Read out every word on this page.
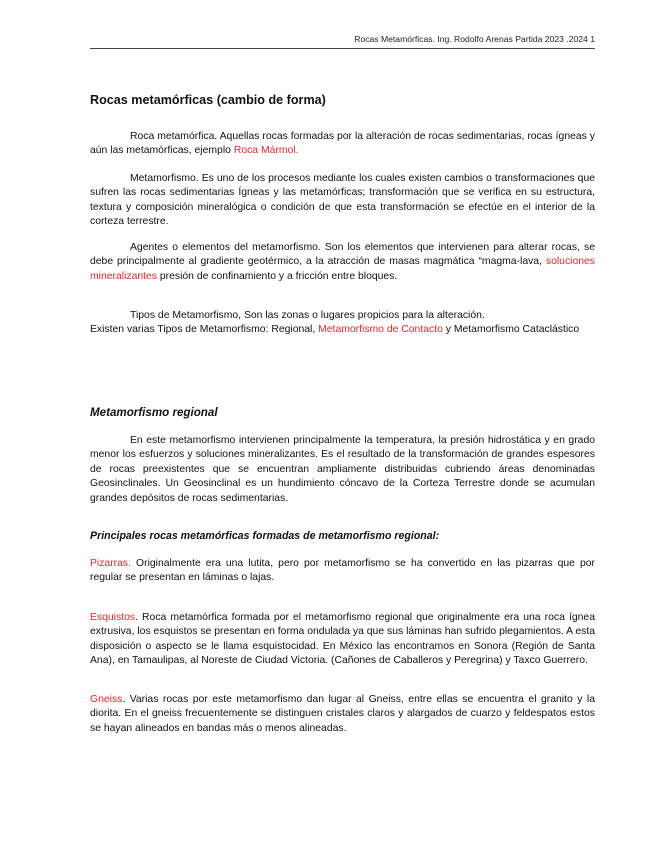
Rocas Metamórficas. Ing. Rodolfo Arenas Partida 2023 .2024 1
Rocas metamórficas (cambio de forma)

Roca metamórfica. Aquellas rocas formadas por la alteración de rocas sedimentarias, rocas ígneas y aún las metamórficas, ejemplo Roca Mármol.

Metamorfismo. Es uno de los procesos mediante los cuales existen cambios o transformaciones que sufren las rocas sedimentarias Ígneas y las metamórficas; transformación que se verifica en su estructura, textura y composición mineralógica o condición de que esta transformación se efectúe en el interior de la corteza terrestre.

Agentes o elementos del metamorfismo. Son los elementos que intervienen para alterar rocas, se debe principalmente al gradiente geotérmico, a la atracción de masas magmática “magma-lava, soluciones mineralizantes presión de confinamiento y a fricción entre bloques.

Tipos de Metamorfismo, Son las zonas o lugares propicios para la alteración.
Existen varias Tipos de Metamorfismo: Regional, Metamorfismo de Contacto y Metamorfismo Cataclástico

Metamorfismo regional

En este metamorfismo intervienen principalmente la temperatura, la presión hidrostática y en grado menor los esfuerzos y soluciones mineralizantes. Es el resultado de la transformación de grandes espesores de rocas preexistentes que se encuentran ampliamente distribuidas cubriendo áreas denominadas Geosinclinales. Un Geosinclinal es un hundimiento cóncavo de la Corteza Terrestre donde se acumulan grandes depósitos de rocas sedimentarias.

Principales rocas metamórficas formadas de metamorfismo regional:

Pizarras. Originalmente era una lutita, pero por metamorfismo se ha convertido en las pizarras que por regular se presentan en láminas o lajas.

Esquistos. Roca metamórfica formada por el metamorfismo regional que originalmente era una roca ígnea extrusiva, los esquistos se presentan en forma ondulada ya que sus láminas han sufrido plegamientos. A esta disposición o aspecto se le llama esquistocidad. En México las encontramos en Sonora (Región de Santa Ana), en Tamaulipas, al Noreste de Ciudad Victoria. (Cañones de Caballeros y Peregrina) y Taxco Guerrero.

Gneiss. Varias rocas por este metamorfismo dan lugar al Gneiss, entre ellas se encuentra el granito y la diorita. En el gneiss frecuentemente se distinguen cristales claros y alargados de cuarzo y feldespatos estos se hayan alineados en bandas más o menos alineadas.
